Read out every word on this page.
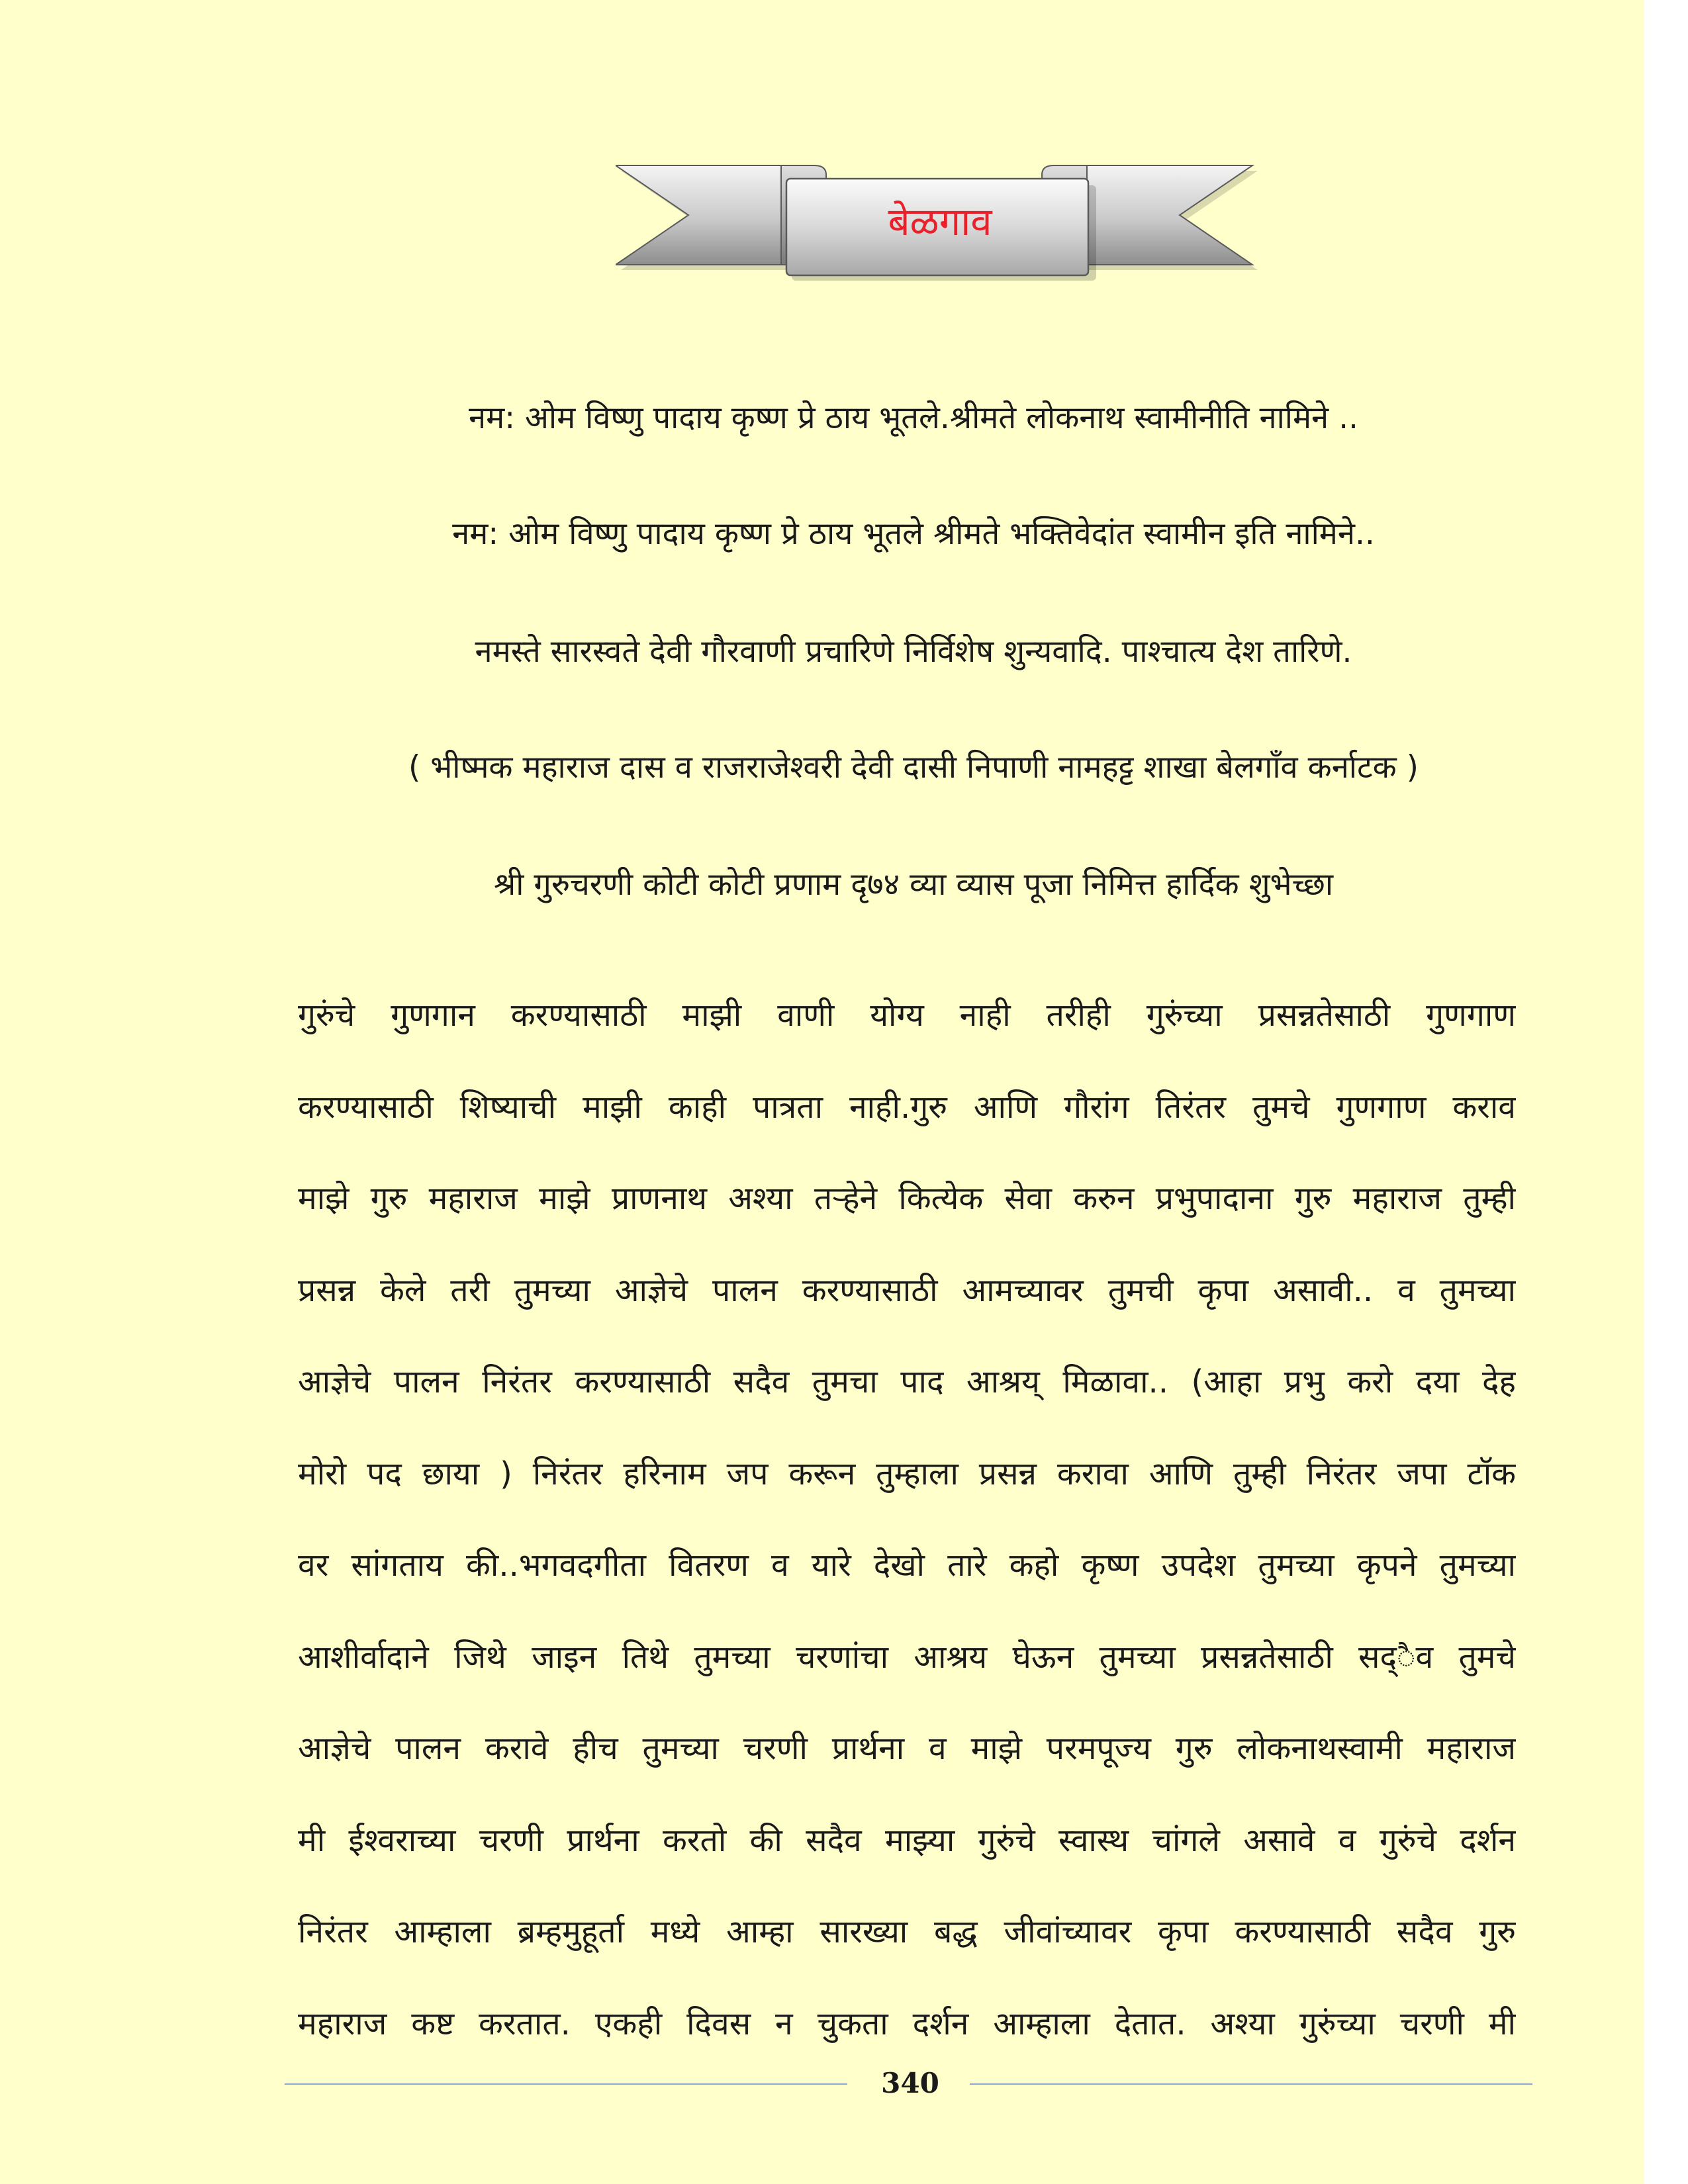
बेळगाव
नम: ओम विष्णु पादाय कृष्ण प्रे ठाय भूतले.श्रीमते लोकनाथ स्वामीनीति नामिने ..
नम: ओम विष्णु पादाय कृष्ण प्रे ठाय भूतले श्रीमते भक्तिवेदांत स्वामीन इति नामिने..
नमस्ते सारस्वते देवी गौरवाणी प्रचारिणे निर्विशेष शुन्यवादि. पाश्‍चात्य देश तारिणे.
( भीष्मक महाराज दास व राजराजेश्वरी देवी दासी निपाणी नामहट्ट शाखा बेलगाँव कर्नाटक )
श्री गुरुचरणी कोटी कोटी प्रणाम दृ७४ व्या व्यास पूजा निमित्त हार्दिक शुभेच्छा
गुरुंचे गुणगान करण्यासाठी माझी वाणी योग्य नाही तरीही गुरुंच्या प्रसन्नतेसाठी गुणगाण
करण्यासाठी शिष्याची माझी काही पात्रता नाही.गुरु आणि गौरांग तिरंतर तुमचे गुणगाण कराव
माझे गुरु महाराज माझे प्राणनाथ अश्‍या तऱ्हेने कित्येक सेवा करुन प्रभुपादाना गुरु महाराज तुम्ही
प्रसन्न केले तरी तुमच्या आज्ञेचे पालन करण्यासाठी आमच्यावर तुमची कृपा असावी.. व तुमच्या
आज्ञेचे पालन निरंतर करण्यासाठी सदैव तुमचा पाद आश्रय् मिळावा.. (आहा प्रभु करो दया देह
मोरो पद छाया ) निरंतर हरिनाम जप करून तुम्हाला प्रसन्न करावा आणि तुम्ही निरंतर जपा टॉक
वर सांगताय की..भगवदगीता वितरण व यारे देखो तारे कहो कृष्ण उपदेश तुमच्या कृपने तुमच्या
आशीर्वादाने जिथे जाइन तिथे तुमच्या चरणांचा आश्रय घेऊन तुमच्या प्रसन्नतेसाठी सद्‍ैव तुमचे
आज्ञेचे पालन करावे हीच तुमच्या चरणी प्रार्थना व माझे परमपूज्य गुरु लोकनाथस्वामी महाराज
मी ईश्‍वराच्या चरणी प्रार्थना करतो की सदैव माझ्या गुरुंचे स्वास्थ चांगले असावे व गुरुंचे दर्शन
निरंतर आम्हाला ब्रम्हमुहूर्ता मध्ये आम्हा सारख्या बद्ध जीवांच्यावर कृपा करण्यासाठी सदैव गुरु
महाराज कष्ट करतात. एकही दिवस न चुकता दर्शन आम्हाला देतात. अश्‍या गुरुंच्या चरणी मी
340
